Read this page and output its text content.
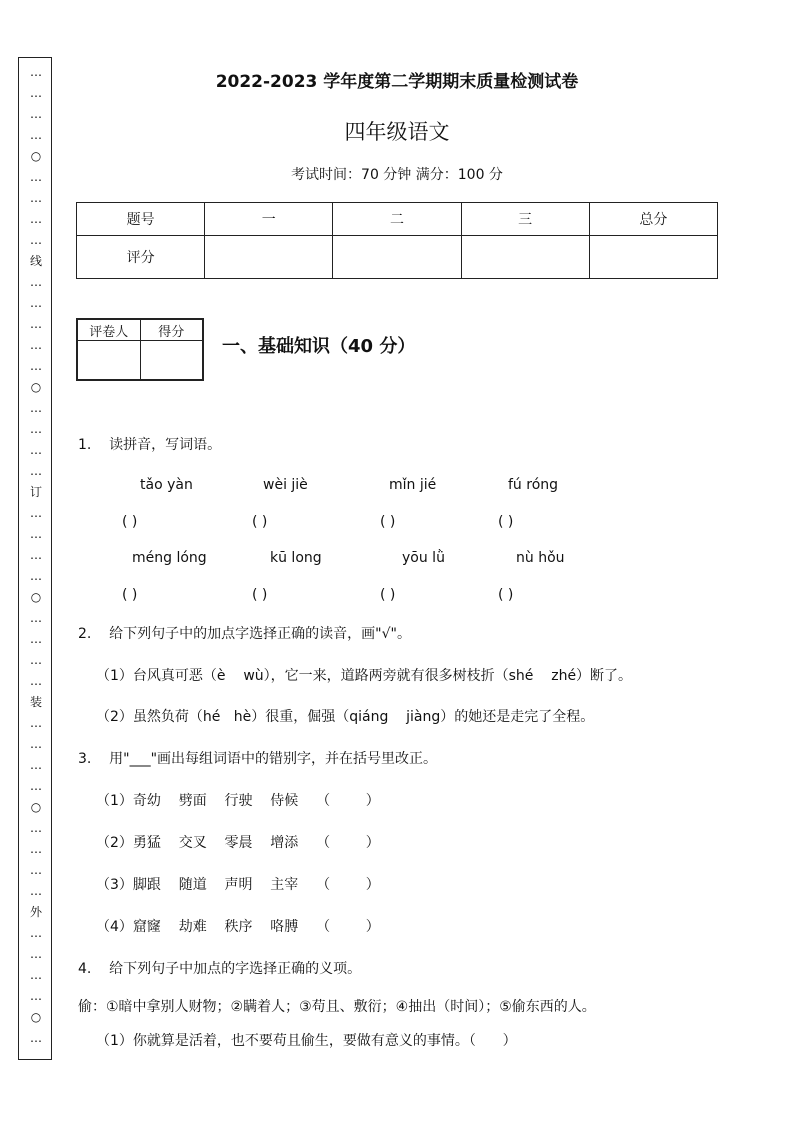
…
…
…
…
○
…
…
…
…
线
…
…
…
…
…
○
…
…
…
…
订
…
…
…
…
○
…
…
…
…
装
…
…
…
…
○
…
…
…
…
外
…
…
…
…
○
…
2022-2023 学年度第二学期期末质量检测试卷
四年级语文
考试时间：70 分钟 满分：100 分
题号	一	二	三	总分
评分				
评卷人	得分

一、基础知识（40 分）
1.    读拼音，写词语。
tǎo yàn	wèi jiè	mǐn jié	fú róng
( )	( )	( )	( )
méng lóng	kū long	yōu lǜ	nù hǒu
( )	( )	( )	( )
2.    给下列句子中的加点字选择正确的读音，画"√"。
（1）台风真可恶（è    wù），它一来，道路两旁就有很多树枝折（shé    zhé）断了。
（2）虽然负荷（hé   hè）很重，倔强（qiáng    jiàng）的她还是走完了全程。
3.    用"___"画出每组词语中的错别字，并在括号里改正。
（1）奇幼    劈面    行驶    侍候    （        ）
（2）勇猛    交叉    零晨    增添    （        ）
（3）脚跟    随道    声明    主宰    （        ）
（4）窟窿    劫难    秩序    咯膊    （        ）
4.    给下列句子中加点的字选择正确的义项。
偷：①暗中拿别人财物；②瞒着人；③苟且、敷衍；④抽出（时间）；⑤偷东西的人。
（1）你就算是活着，也不要苟且偷生，要做有意义的事情。（      ）
